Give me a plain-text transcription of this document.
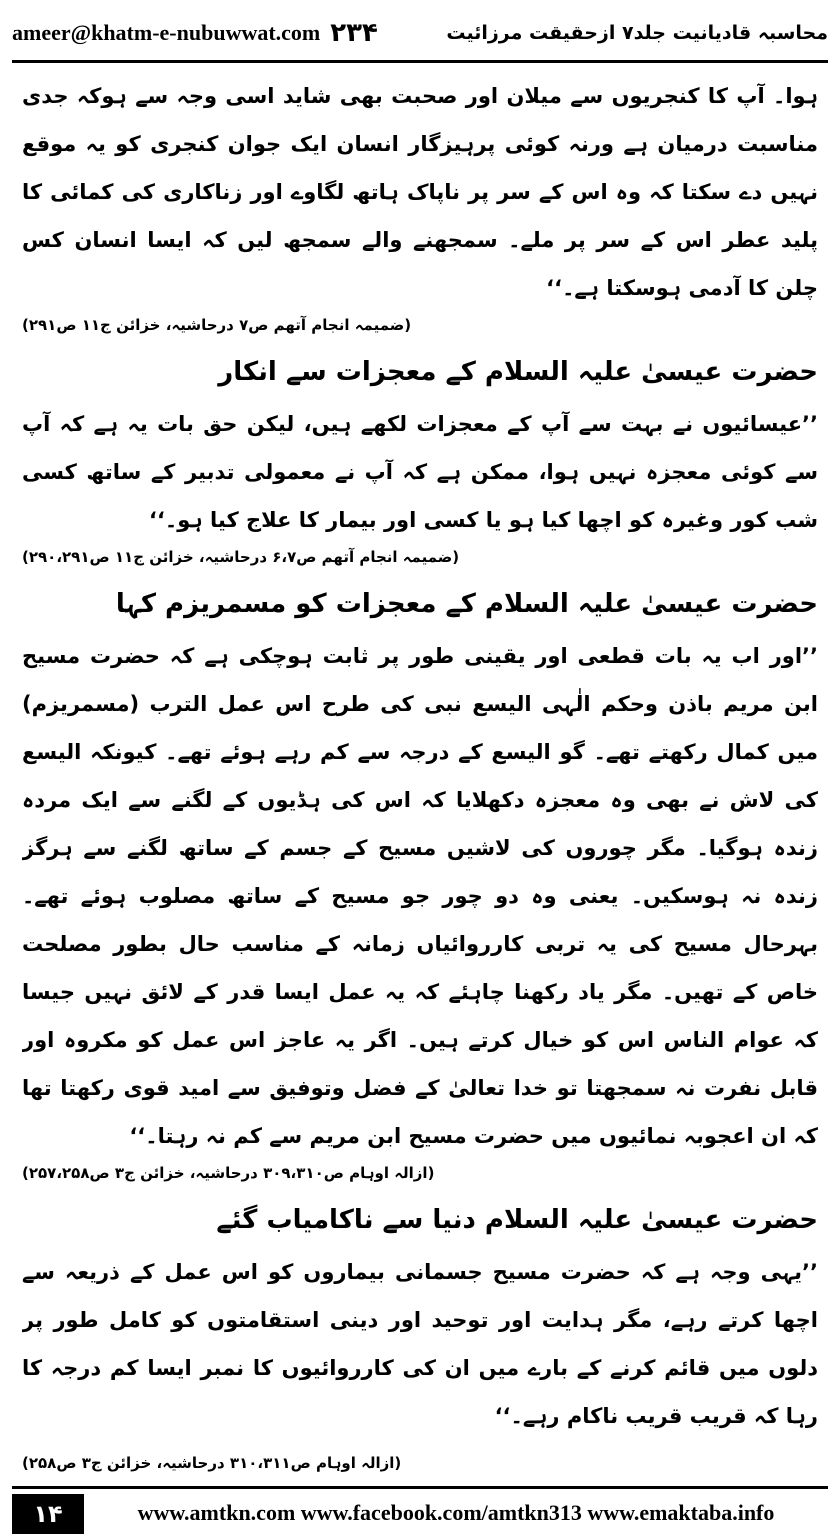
ameer@khatm-e-nubuwwat.com ۲۳۴	محاسبہ قادیانیت جلد۷ ازحقیقت مرزائیت

ہوا۔ آپ کا کنجریوں سے میلان اور صحبت بھی شاید اسی وجہ سے ہوکہ جدی مناسبت درمیان ہے ورنہ کوئی پرہیزگار انسان ایک جوان کنجری کو یہ موقع نہیں دے سکتا کہ وہ اس کے سر پر ناپاک ہاتھ لگاوے اور زناکاری کی کمائی کا پلید عطر اس کے سر پر ملے۔ سمجھنے والے سمجھ لیں کہ ایسا انسان کس چلن کا آدمی ہوسکتا ہے۔‘‘

(ضمیمہ انجام آتھم ص۷ درحاشیہ، خزائن ج۱۱ ص۲۹۱)
حضرت عیسیٰ علیہ السلام کے معجزات سے انکار

’’عیسائیوں نے بہت سے آپ کے معجزات لکھے ہیں، لیکن حق بات یہ ہے کہ آپ سے کوئی معجزہ نہیں ہوا، ممکن ہے کہ آپ نے معمولی تدبیر کے ساتھ کسی شب کور وغیرہ کو اچھا کیا ہو یا کسی اور بیمار کا علاج کیا ہو۔‘‘

(ضمیمہ انجام آتھم ص۶،۷ درحاشیہ، خزائن ج۱۱ ص۲۹۰،۲۹۱)
حضرت عیسیٰ علیہ السلام کے معجزات کو مسمریزم کہا

’’اور اب یہ بات قطعی اور یقینی طور پر ثابت ہوچکی ہے کہ حضرت مسیح ابن مریم باذن وحکم الٰہی الیسع نبی کی طرح اس عمل الترب (مسمریزم) میں کمال رکھتے تھے۔ گو الیسع کے درجہ سے کم رہے ہوئے تھے۔ کیونکہ الیسع کی لاش نے بھی وہ معجزہ دکھلایا کہ اس کی ہڈیوں کے لگنے سے ایک مردہ زندہ ہوگیا۔ مگر چوروں کی لاشیں مسیح کے جسم کے ساتھ لگنے سے ہرگز زندہ نہ ہوسکیں۔ یعنی وہ دو چور جو مسیح کے ساتھ مصلوب ہوئے تھے۔ بہرحال مسیح کی یہ تربی کارروائیاں زمانہ کے مناسب حال بطور مصلحت خاص کے تھیں۔ مگر یاد رکھنا چاہئے کہ یہ عمل ایسا قدر کے لائق نہیں جیسا کہ عوام الناس اس کو خیال کرتے ہیں۔ اگر یہ عاجز اس عمل کو مکروہ اور قابل نفرت نہ سمجھتا تو خدا تعالیٰ کے فضل وتوفیق سے امید قوی رکھتا تھا کہ ان اعجوبہ نمائیوں میں حضرت مسیح ابن مریم سے کم نہ رہتا۔‘‘

(ازالہ اوہام ص۳۰۹،۳۱۰ درحاشیہ، خزائن ج۳ ص۲۵۷،۲۵۸)
حضرت عیسیٰ علیہ السلام دنیا سے ناکامیاب گئے

’’یہی وجہ ہے کہ حضرت مسیح جسمانی بیماروں کو اس عمل کے ذریعہ سے اچھا کرتے رہے، مگر ہدایت اور توحید اور دینی استقامتوں کو کامل طور پر دلوں میں قائم کرنے کے بارے میں ان کی کارروائیوں کا نمبر ایسا کم درجہ کا رہا کہ قریب قریب ناکام رہے۔‘‘

(ازالہ اوہام ص۳۱۰،۳۱۱ درحاشیہ، خزائن ج۳ ص۲۵۸)
۱۴	www.amtkn.com www.facebook.com/amtkn313 www.emaktaba.info
